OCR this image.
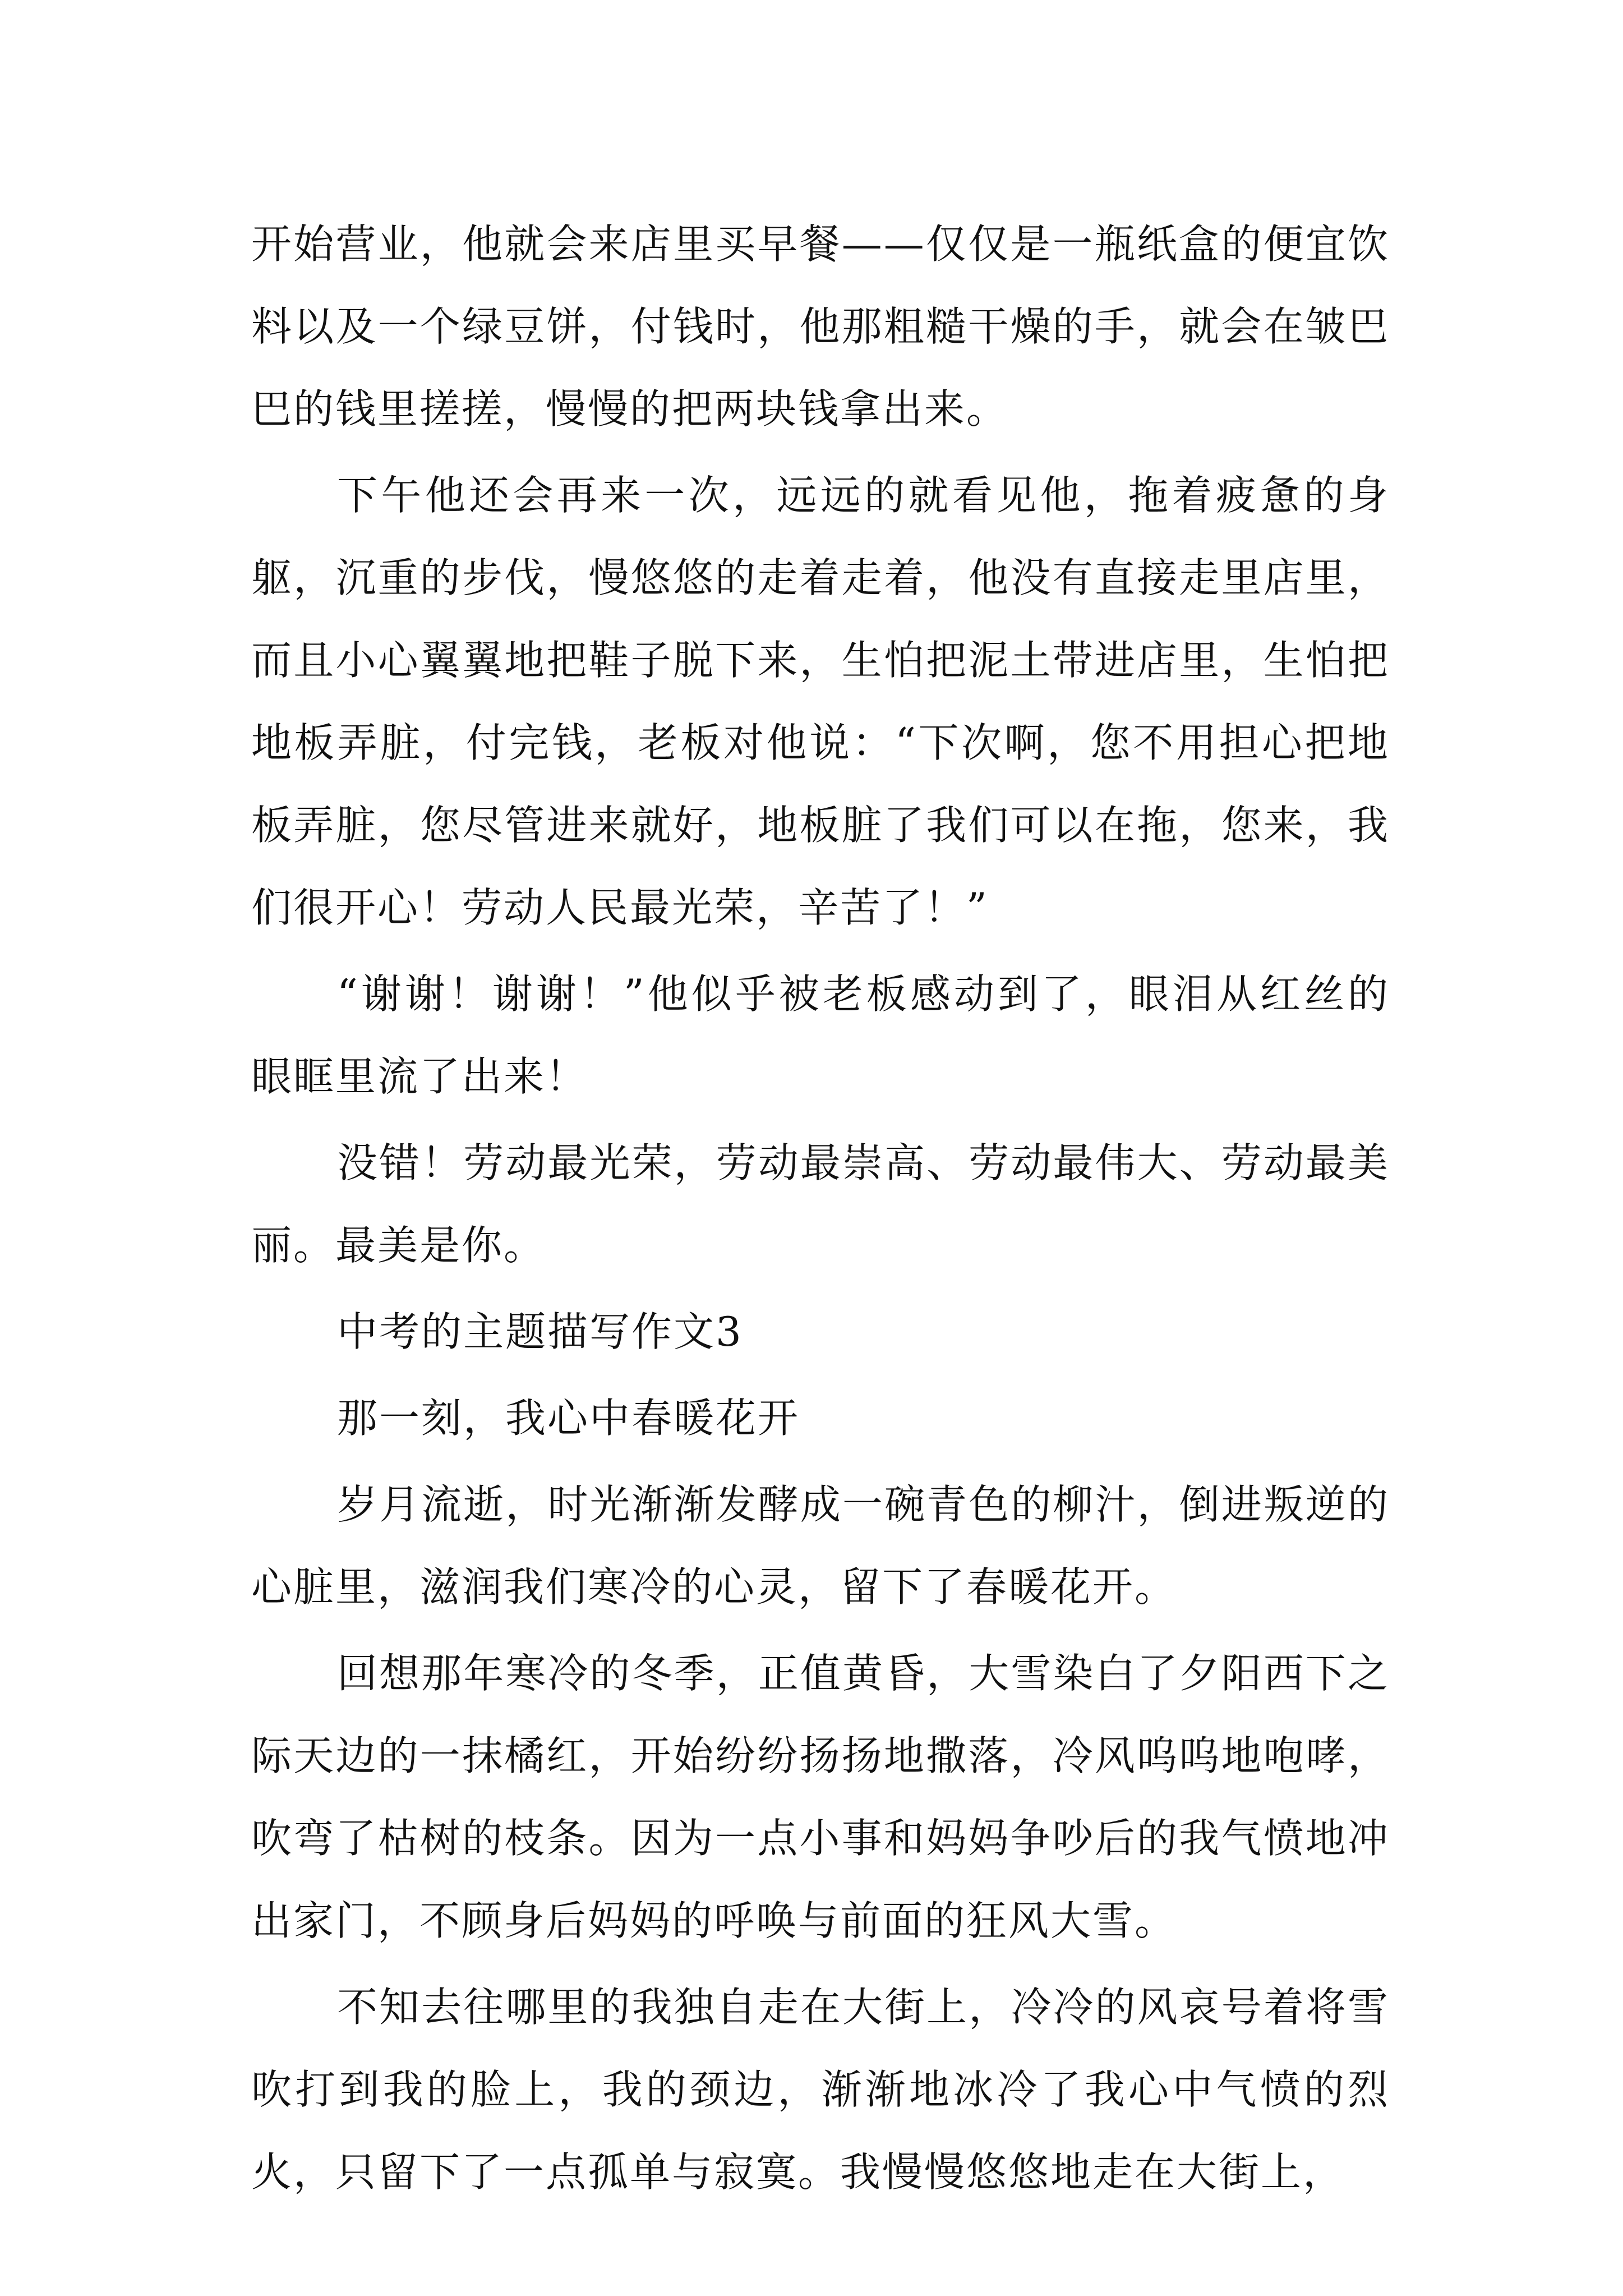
开始营业，他就会来店里买早餐——仅仅是一瓶纸盒的便宜饮料以及一个绿豆饼，付钱时，他那粗糙干燥的手，就会在皱巴巴的钱里搓搓，慢慢的把两块钱拿出来。

下午他还会再来一次，远远的就看见他，拖着疲惫的身躯，沉重的步伐，慢悠悠的走着走着，他没有直接走里店里，而且小心翼翼地把鞋子脱下来，生怕把泥土带进店里，生怕把地板弄脏，付完钱，老板对他说：“下次啊，您不用担心把地板弄脏，您尽管进来就好，地板脏了我们可以在拖，您来，我们很开心！劳动人民最光荣，辛苦了！”

“谢谢！谢谢！”他似乎被老板感动到了，眼泪从红丝的眼眶里流了出来！

没错！劳动最光荣，劳动最崇高、劳动最伟大、劳动最美丽。最美是你。

中考的主题描写作文3

那一刻，我心中春暖花开

岁月流逝，时光渐渐发酵成一碗青色的柳汁，倒进叛逆的心脏里，滋润我们寒冷的心灵，留下了春暖花开。

回想那年寒冷的冬季，正值黄昏，大雪染白了夕阳西下之际天边的一抹橘红，开始纷纷扬扬地撒落，冷风呜呜地咆哮，吹弯了枯树的枝条。因为一点小事和妈妈争吵后的我气愤地冲出家门，不顾身后妈妈的呼唤与前面的狂风大雪。

不知去往哪里的我独自走在大街上，冷冷的风哀号着将雪吹打到我的脸上，我的颈边，渐渐地冰冷了我心中气愤的烈火，只留下了一点孤单与寂寞。我慢慢悠悠地走在大街上，
